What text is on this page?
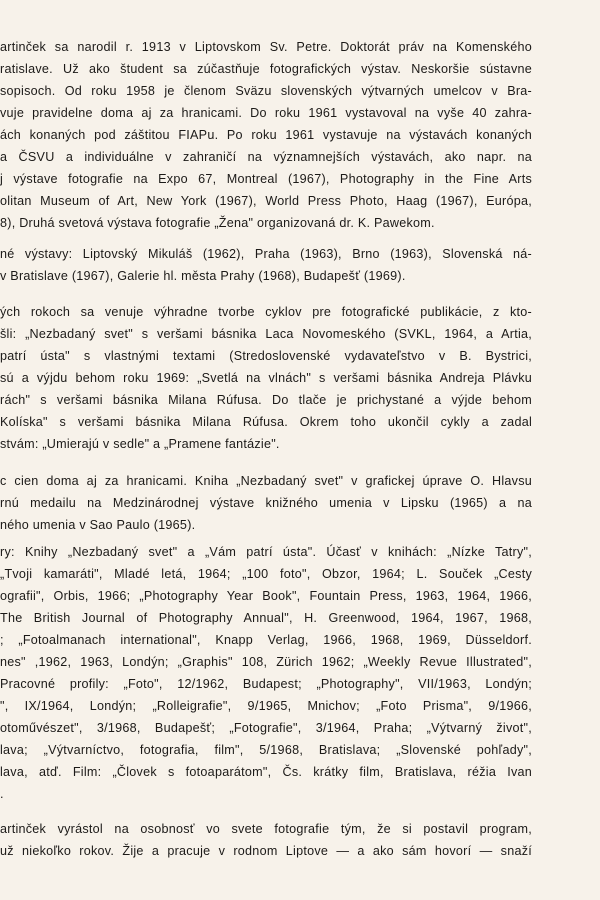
artinček sa narodil r. 1913 v Liptovskom Sv. Petre. Doktorát práv na Komenského
ratislave. Už ako študent sa zúčastňuje fotografických výstav. Neskoršie sústavne
sopisoch. Od roku 1958 je členom Sväzu slovenských výtvarných umelcov v Bra-
vuje pravidelne doma aj za hranicami. Do roku 1961 vystavoval na vyše 40 zahra-
ách konaných pod záštitou FIAPu. Po roku 1961 vystavuje na výstavách konaných
a ČSVU a individuálne v zahraničí na významnejších výstavách, ako napr. na
j výstave fotografie na Expo 67, Montreal (1967), Photography in the Fine Arts
olitan Museum of Art, New York (1967), World Press Photo, Haag (1967), Európa,
8), Druhá svetová výstava fotografie „Žena" organizovaná dr. K. Pawekom.
né výstavy: Liptovský Mikuláš (1962), Praha (1963), Brno (1963), Slovenská ná-
v Bratislave (1967), Galerie hl. města Prahy (1968), Budapešť (1969).
ých rokoch sa venuje výhradne tvorbe cyklov pre fotografické publikácie, z kto-
šli: „Nezbadaný svet" s veršami básnika Laca Novomeského (SVKL, 1964, a Artia,
patrí ústa" s vlastnými textami (Stredoslovenské vydavateľstvo v B. Bystrici,
sú a výjdu behom roku 1969: „Svetlá na vlnách" s veršami básnika Andreja Plávku
rách" s veršami básnika Milana Rúfusa. Do tlače je prichystané a výjde behom
Kolíska" s veršami básnika Milana Rúfusa. Okrem toho ukončil cykly a zadal
stvám: „Umierajú v sedle" a „Pramene fantázie".
c cien doma aj za hranicami. Kniha „Nezbadaný svet" v grafickej úprave O. Hlavsu
rnú medailu na Medzinárodnej výstave knižného umenia v Lipsku (1965) a na
ného umenia v Sao Paulo (1965).
ry: Knihy „Nezbadaný svet" a „Vám patrí ústa". Účasť v knihách: „Nízke Tatry",
„Tvoji kamaráti", Mladé letá, 1964; „100 foto", Obzor, 1964; L. Souček „Cesty
ografii", Orbis, 1966; „Photography Year Book", Fountain Press, 1963, 1964, 1966,
The British Journal of Photography Annual", H. Greenwood, 1964, 1967, 1968,
; „Fotoalmanach international", Knapp Verlag, 1966, 1968, 1969, Düsseldorf.
nes" ,1962, 1963, Londýn; „Graphis" 108, Zürich 1962; „Weekly Revue Illustrated",
Pracovné profily: „Foto", 12/1962, Budapest; „Photography", VII/1963, Londýn;
", IX/1964, Londýn; „Rolleigrafie", 9/1965, Mnichov; „Foto Prisma", 9/1966,
otoművészet", 3/1968, Budapešť; „Fotografie", 3/1964, Praha; „Výtvarný život",
lava; „Výtvarníctvo, fotografia, film", 5/1968, Bratislava; „Slovenské pohľady",
lava, atď. Film: „Človek s fotoaparátom", Čs. krátky film, Bratislava, réžia Ivan
.
artinček vyrástol na osobnosť vo svete fotografie tým, že si postavil program,
už niekoľko rokov. Žije a pracuje v rodnom Liptove — a ako sám hovorí — snaží
